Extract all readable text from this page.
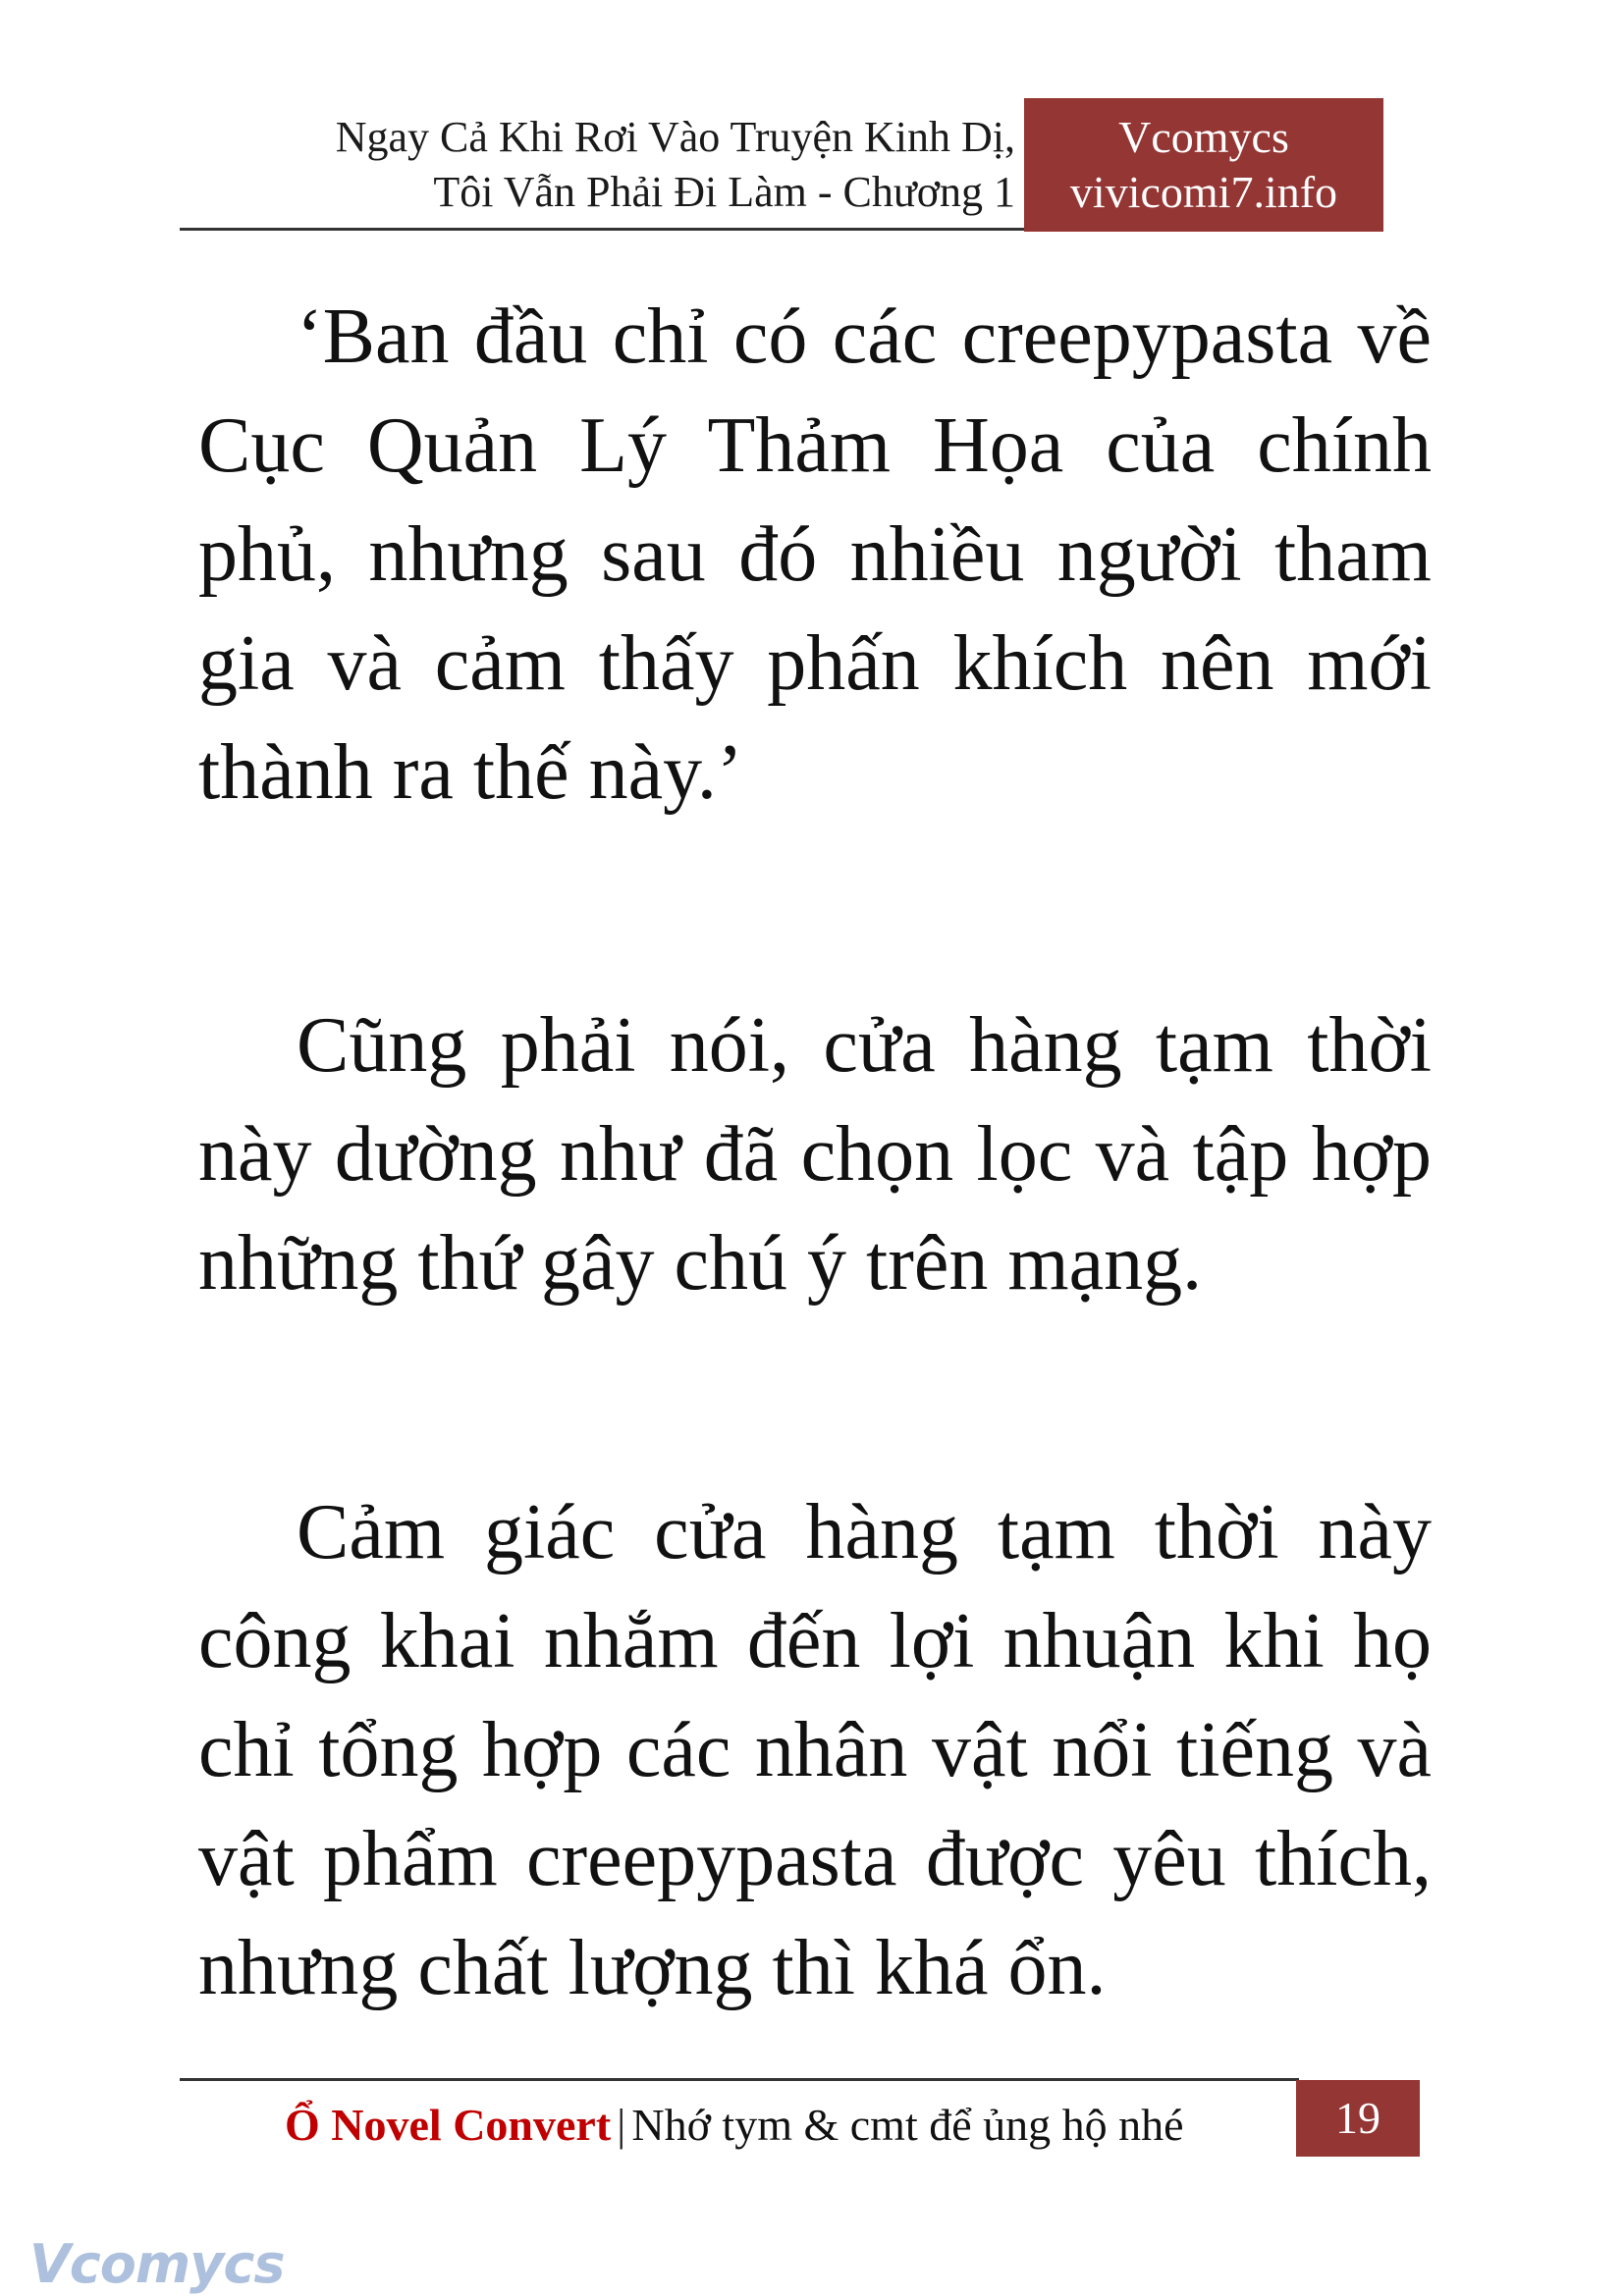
Ngay Cả Khi Rơi Vào Truyện Kinh Dị,
Tôi Vẫn Phải Đi Làm - Chương 1
Vcomycs
vivicomi7.info

‘Ban đầu chỉ có các creepypasta về Cục Quản Lý Thảm Họa của chính phủ, nhưng sau đó nhiều người tham gia và cảm thấy phấn khích nên mới thành ra thế này.’

Cũng phải nói, cửa hàng tạm thời này dường như đã chọn lọc và tập hợp những thứ gây chú ý trên mạng.

Cảm giác cửa hàng tạm thời này công khai nhắm đến lợi nhuận khi họ chỉ tổng hợp các nhân vật nổi tiếng và vật phẩm creepypasta được yêu thích, nhưng chất lượng thì khá ổn.

Ổ Novel Convert | Nhớ tym & cmt để ủng hộ nhé	19
Vcomycs
